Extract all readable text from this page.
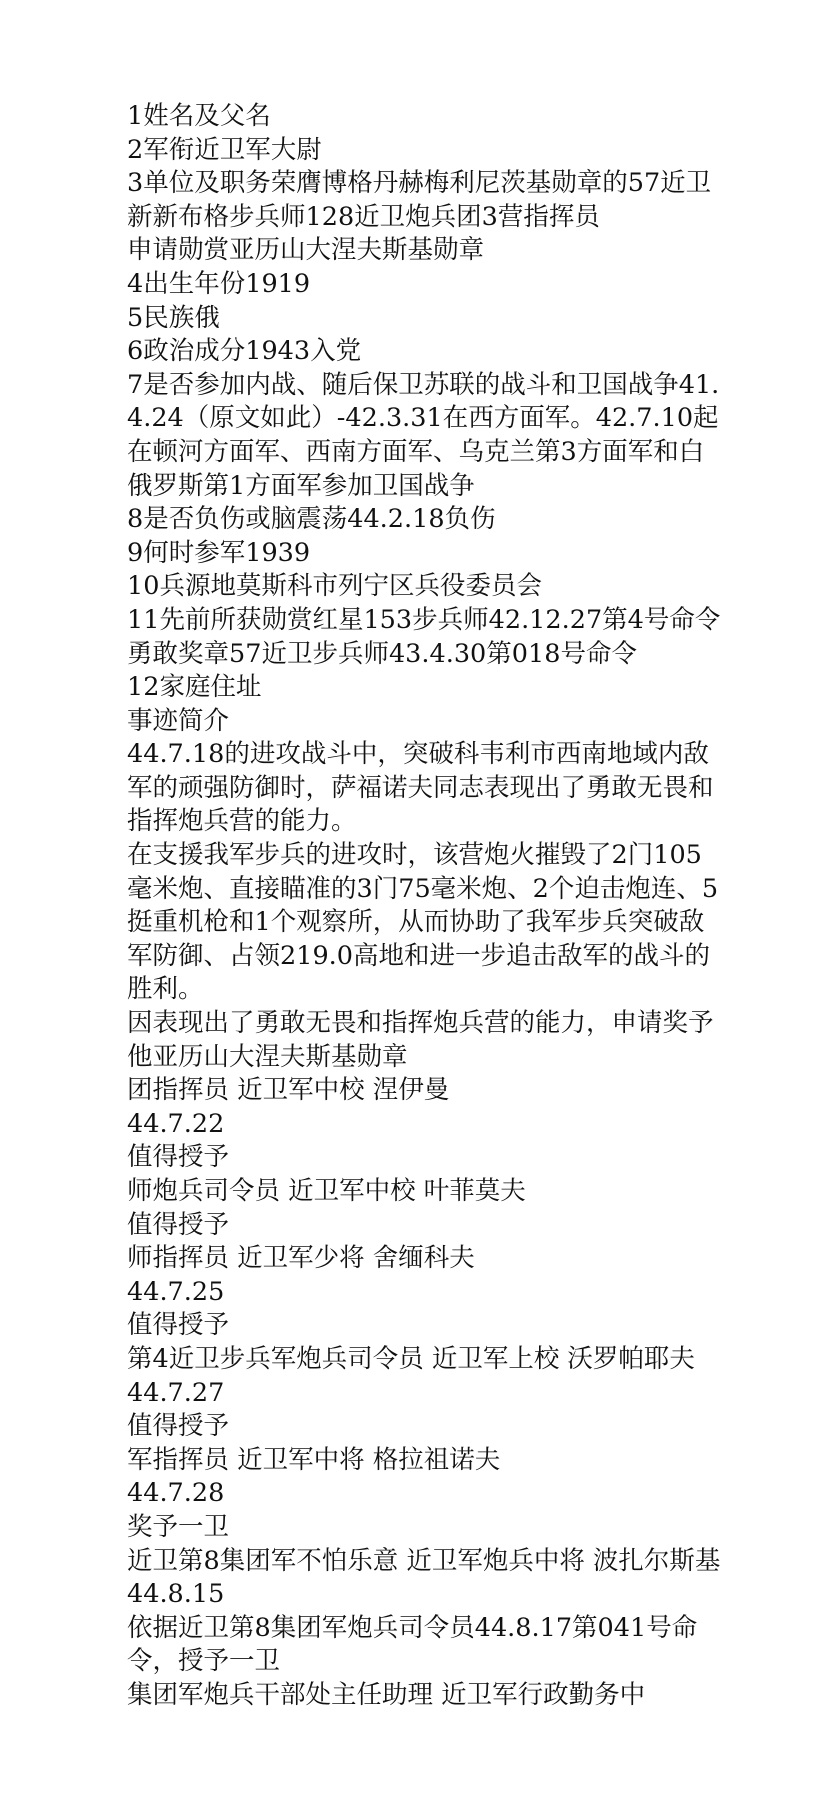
1姓名及父名

2军衔近卫军大尉

3单位及职务荣膺博格丹赫梅利尼茨基勋章的57近卫新新布格步兵师128近卫炮兵团3营指挥员

申请勋赏亚历山大涅夫斯基勋章

4出生年份1919

5民族俄

6政治成分1943入党

7是否参加内战、随后保卫苏联的战斗和卫国战争41.4.24（原文如此）-42.3.31在西方面军。42.7.10起在顿河方面军、西南方面军、乌克兰第3方面军和白俄罗斯第1方面军参加卫国战争

8是否负伤或脑震荡44.2.18负伤

9何时参军1939

10兵源地莫斯科市列宁区兵役委员会

11先前所获勋赏红星153步兵师42.12.27第4号命令

勇敢奖章57近卫步兵师43.4.30第018号命令

12家庭住址

事迹简介

44.7.18的进攻战斗中，突破科韦利市西南地域内敌军的顽强防御时，萨福诺夫同志表现出了勇敢无畏和指挥炮兵营的能力。

在支援我军步兵的进攻时，该营炮火摧毁了2门105毫米炮、直接瞄准的3门75毫米炮、2个迫击炮连、5挺重机枪和1个观察所，从而协助了我军步兵突破敌军防御、占领219.0高地和进一步追击敌军的战斗的胜利。

因表现出了勇敢无畏和指挥炮兵营的能力，申请奖予他亚历山大涅夫斯基勋章

团指挥员 近卫军中校 涅伊曼

44.7.22

值得授予

师炮兵司令员 近卫军中校 叶菲莫夫

值得授予

师指挥员 近卫军少将 舍缅科夫

44.7.25

值得授予

第4近卫步兵军炮兵司令员 近卫军上校 沃罗帕耶夫

44.7.27

值得授予

军指挥员 近卫军中将 格拉祖诺夫

44.7.28

奖予一卫

近卫第8集团军不怕乐意 近卫军炮兵中将 波扎尔斯基

44.8.15

依据近卫第8集团军炮兵司令员44.8.17第041号命令，授予一卫

集团军炮兵干部处主任助理 近卫军行政勤务中
